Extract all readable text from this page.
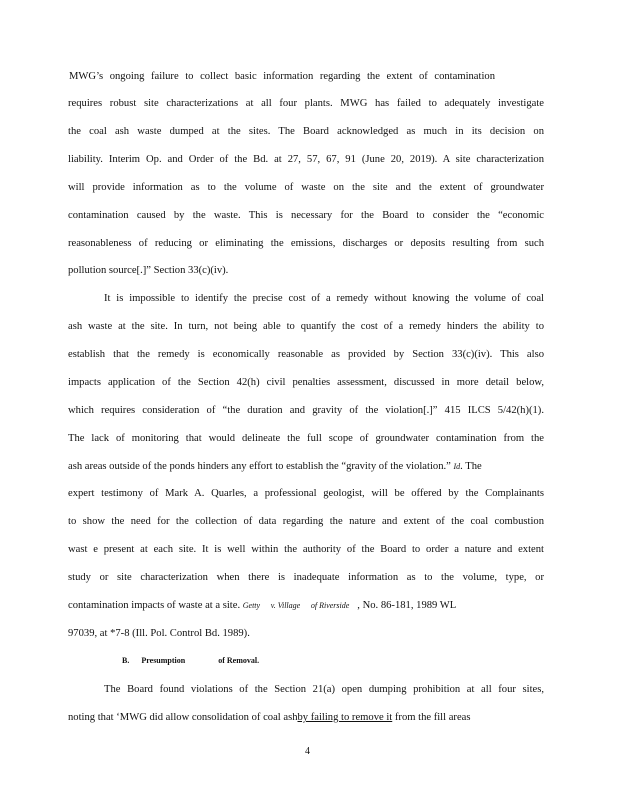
MWG’s ongoing failure to collect basic information regarding the extent of contamination
requires robust site characterizations at all four plants. MWG has failed to adequately investigate
the coal ash waste dumped at the sites. The Board acknowledged as much in its decision on
liability. Interim Op. and Order of the Bd. at 27, 57, 67, 91 (June 20, 2019). A site characterization
will provide information as to the volume of waste on the site and the extent of groundwater
contamination caused by the waste. This is necessary for the Board to consider the “economic
reasonableness of reducing or eliminating the emissions, discharges or deposits resulting from such
pollution source[.]” Section 33(c)(iv).
It is impossible to identify the precise cost of a remedy without knowing the volume of coal
ash waste at the site. In turn, not being able to quantify the cost of a remedy hinders the ability to
establish that the remedy is economically reasonable as provided by Section 33(c)(iv). This also
impacts application of the Section 42(h) civil penalties assessment, discussed in more detail below,
which requires consideration of “the duration and gravity of the violation[.]” 415 ILCS 5/42(h)(1).
The lack of monitoring that would delineate the full scope of groundwater contamination from the
ash areas outside of the ponds hinders any effort to establish the “gravity of the violation.” Id. The
expert testimony of Mark A. Quarles, a professional geologist, will be offered by the Complainants
to show the need for the collection of data regarding the nature and extent of the coal combustion
wast e present at each site. It is well within the authority of the Board to order a nature and extent
study or site characterization when there is inadequate information as to the volume, type, or
contamination impacts of waste at a site. Getty v. Village of Riverside , No. 86-181, 1989 WL
97039, at *7-8 (Ill. Pol. Control Bd. 1989).
B. Presumption	of Removal.
The Board found violations of the Section 21(a) open dumping prohibition at all four sites,
noting that ‘MWG did allow consolidation of coal ashby failing to remove it from the fill areas
4
